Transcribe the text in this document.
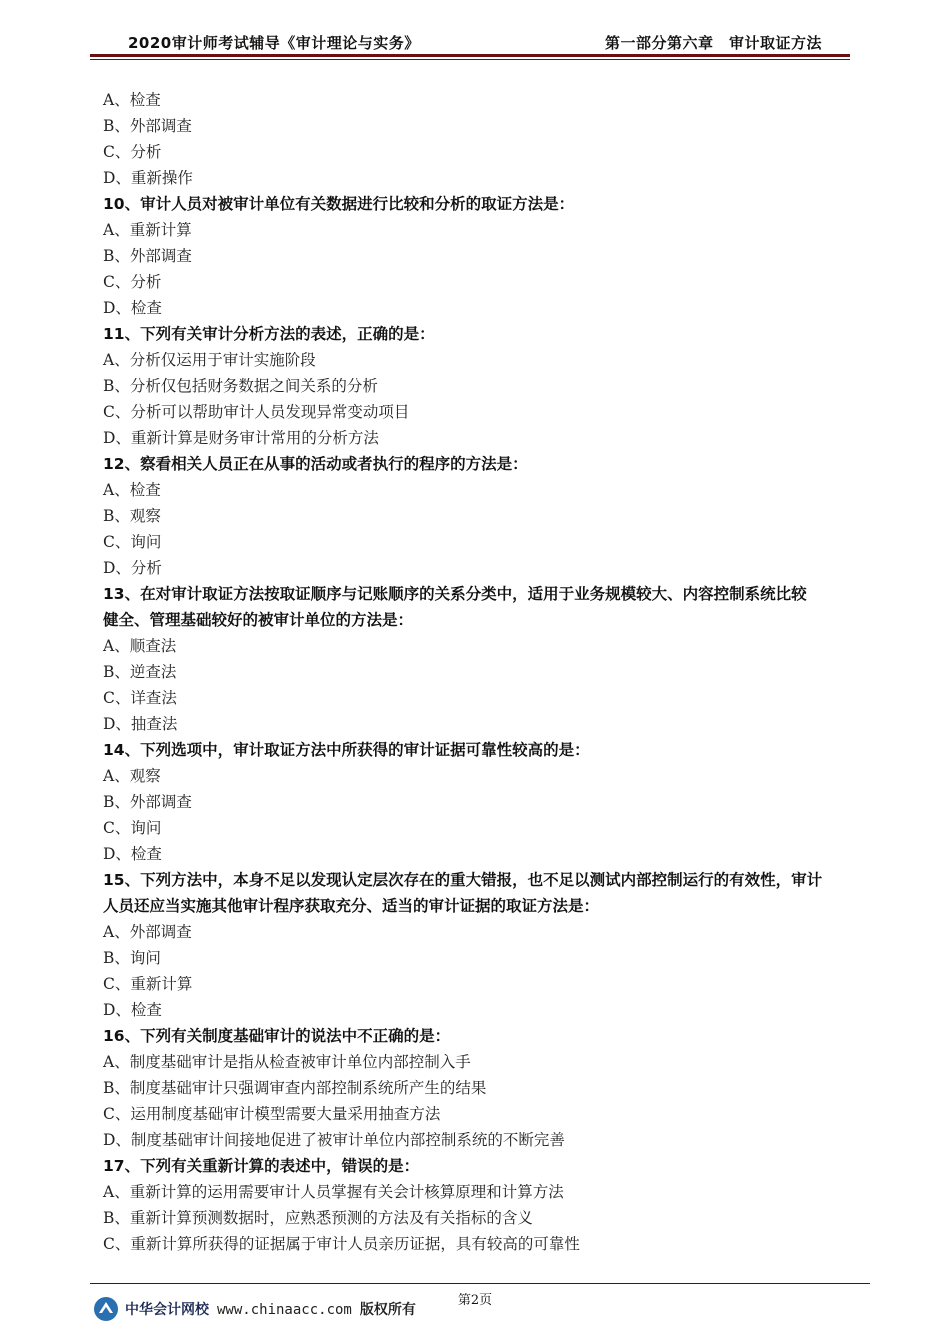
2020审计师考试辅导《审计理论与实务》	第一部分第六章　审计取证方法
A、检查
B、外部调查
C、分析
D、重新操作
10、审计人员对被审计单位有关数据进行比较和分析的取证方法是：
A、重新计算
B、外部调查
C、分析
D、检查
11、下列有关审计分析方法的表述，正确的是：
A、分析仅运用于审计实施阶段
B、分析仅包括财务数据之间关系的分析
C、分析可以帮助审计人员发现异常变动项目
D、重新计算是财务审计常用的分析方法
12、察看相关人员正在从事的活动或者执行的程序的方法是：
A、检查
B、观察
C、询问
D、分析
13、在对审计取证方法按取证顺序与记账顺序的关系分类中，适用于业务规模较大、内容控制系统比较
健全、管理基础较好的被审计单位的方法是：
A、顺查法
B、逆查法
C、详查法
D、抽查法
14、下列选项中，审计取证方法中所获得的审计证据可靠性较高的是：
A、观察
B、外部调查
C、询问
D、检查
15、下列方法中，本身不足以发现认定层次存在的重大错报，也不足以测试内部控制运行的有效性，审计
人员还应当实施其他审计程序获取充分、适当的审计证据的取证方法是：
A、外部调查
B、询问
C、重新计算
D、检查
16、下列有关制度基础审计的说法中不正确的是：
A、制度基础审计是指从检查被审计单位内部控制入手
B、制度基础审计只强调审查内部控制系统所产生的结果
C、运用制度基础审计模型需要大量采用抽查方法
D、制度基础审计间接地促进了被审计单位内部控制系统的不断完善
17、下列有关重新计算的表述中，错误的是：
A、重新计算的运用需要审计人员掌握有关会计核算原理和计算方法
B、重新计算预测数据时，应熟悉预测的方法及有关指标的含义
C、重新计算所获得的证据属于审计人员亲历证据，具有较高的可靠性
第2页
中华会计网校 www.chinaacc.com 版权所有
